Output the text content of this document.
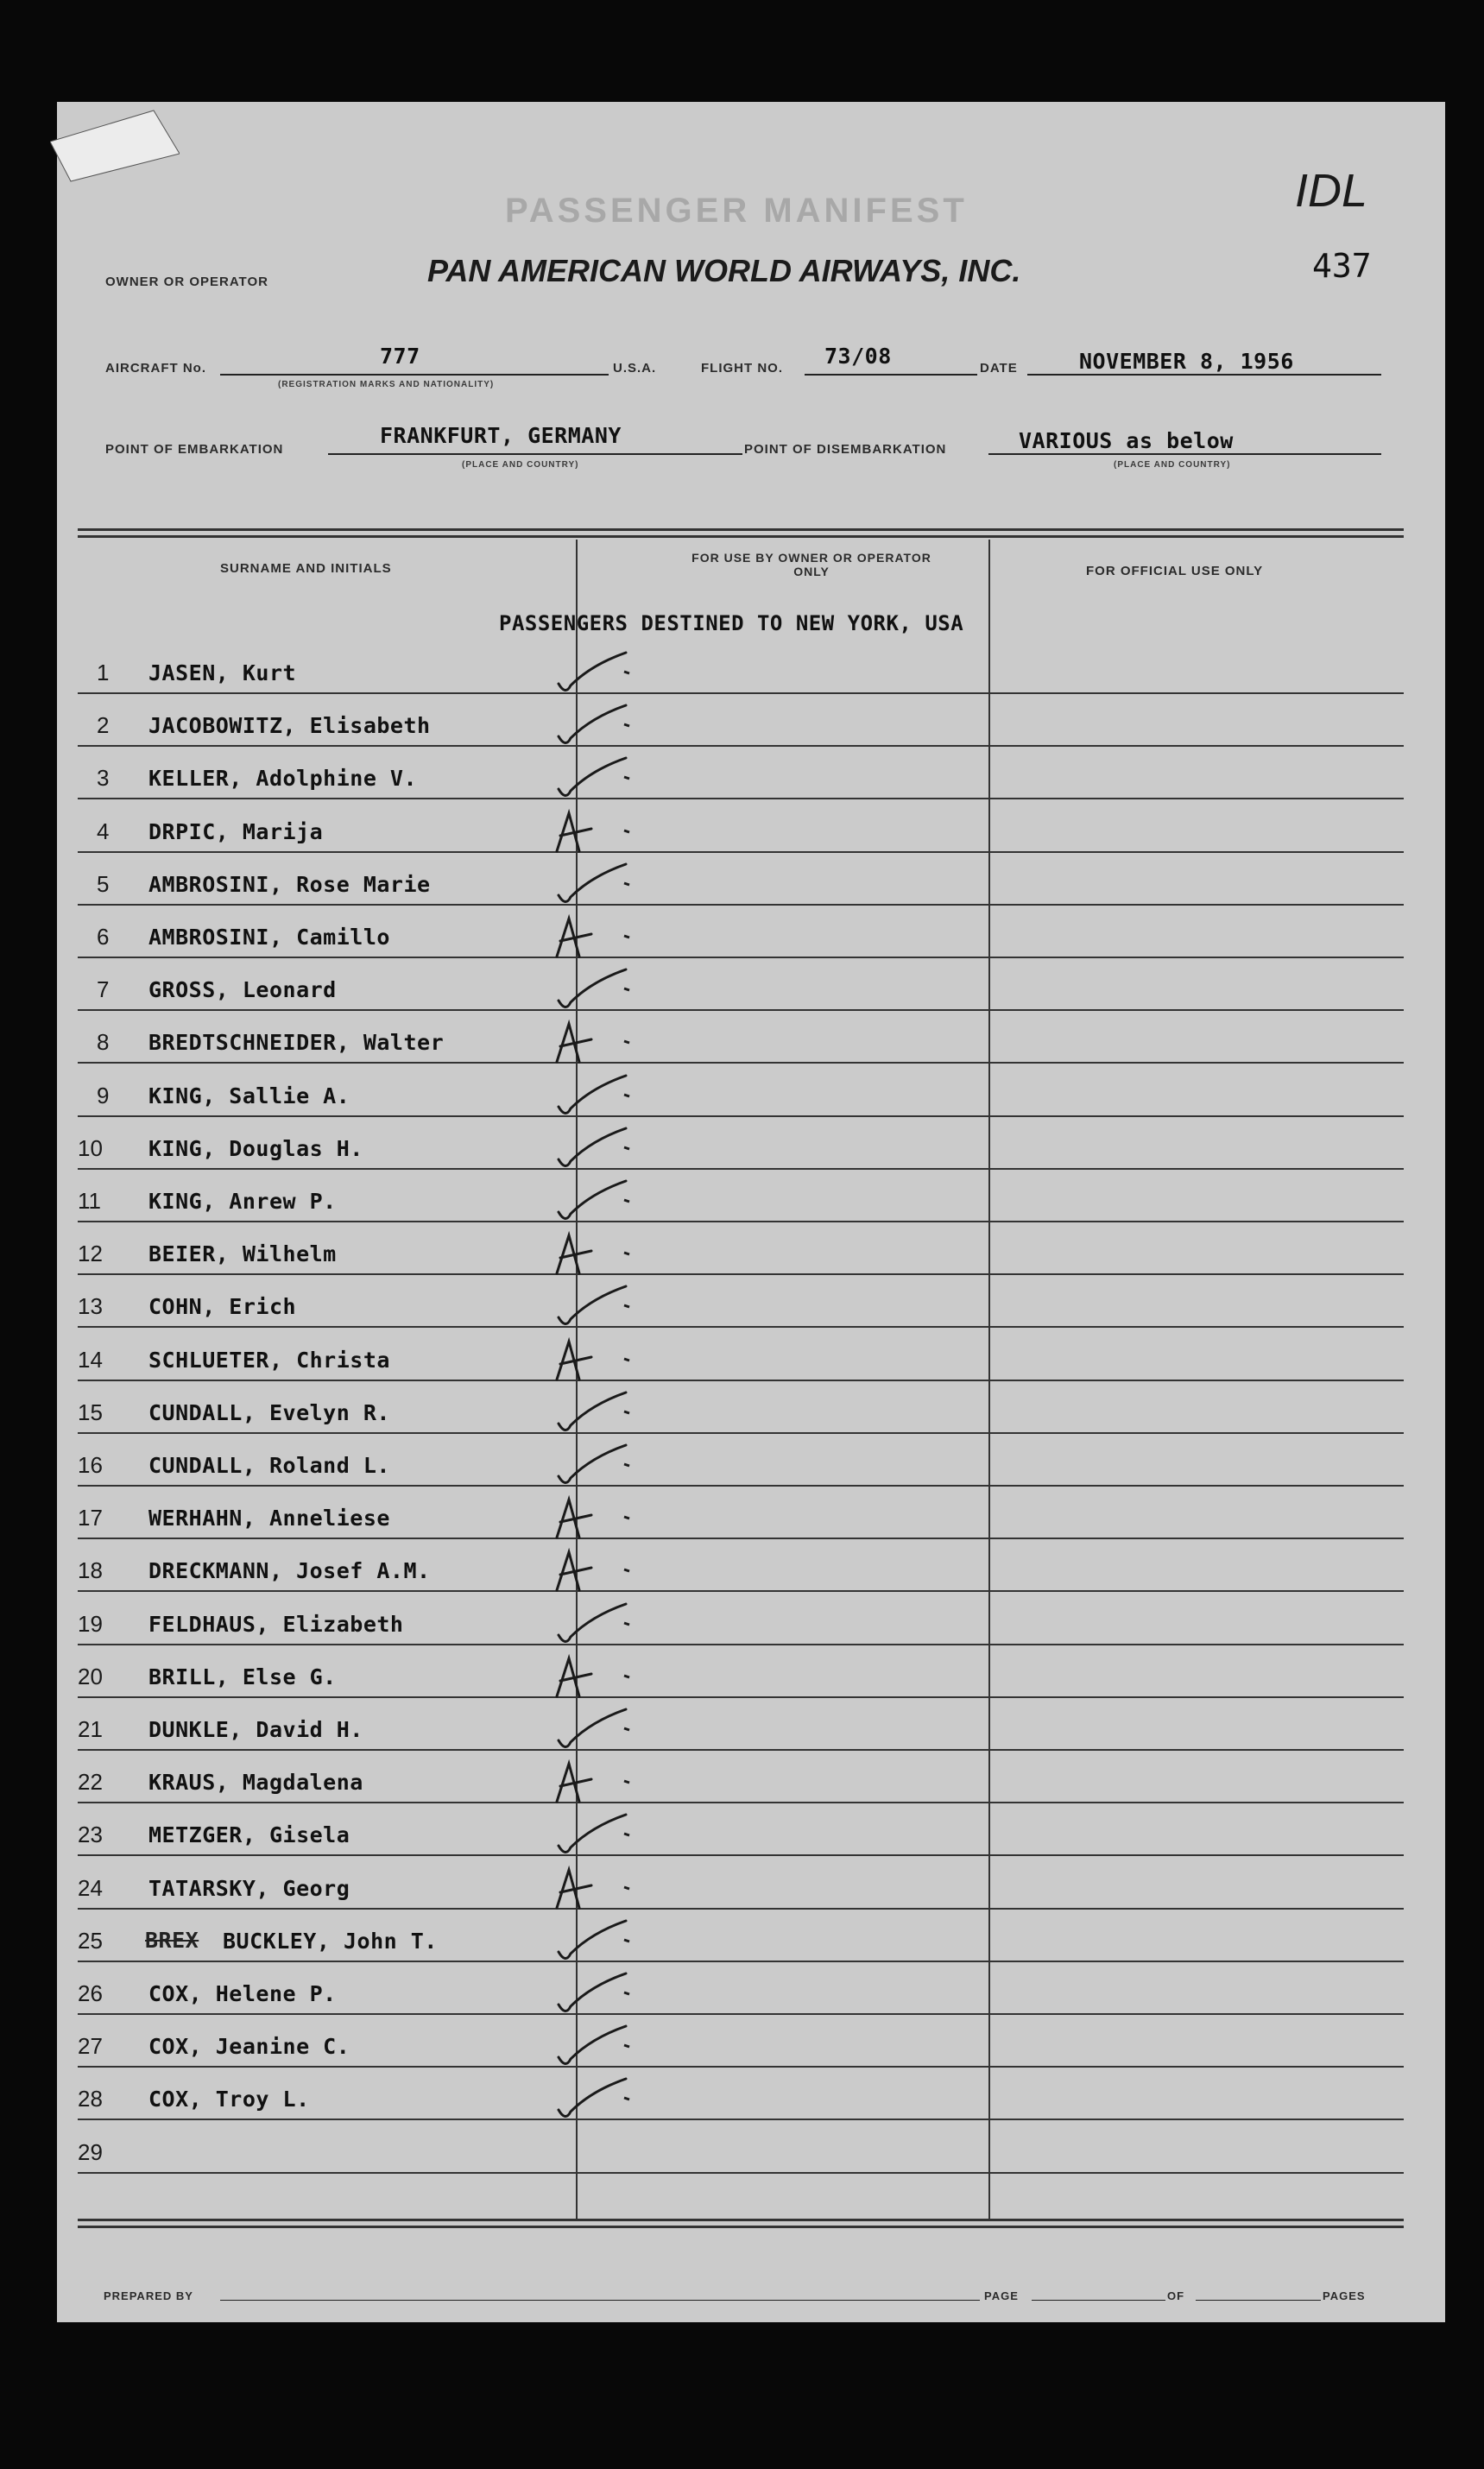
PASSENGER MANIFEST	IDL
437
OWNER OR OPERATOR	PAN AMERICAN WORLD AIRWAYS, INC.
AIRCRAFT No.	777
(REGISTRATION MARKS AND NATIONALITY)
U.S.A.	FLIGHT NO. 73/08	DATE	NOVEMBER 8, 1956
POINT OF EMBARKATION
FRANKFURT, GERMANY
(PLACE AND COUNTRY)
POINT OF DISEMBARKATION	VARIOUS as below
(PLACE AND COUNTRY)
SURNAME AND INITIALS
FOR USE BY OWNER OR OPERATOR ONLY	FOR OFFICIAL USE ONLY
PASSENGERS DESTINED TO NEW YORK, USA
1 JASEN, Kurt
2 JACOBOWITZ, Elisabeth
3 KELLER, Adolphine V.
4 DRPIC, Marija
5 AMBROSINI, Rose Marie
6 AMBROSINI, Camillo
7 GROSS, Leonard
8 BREDTSCHNEIDER, Walter
9 KING, Sallie A.
10 KING, Douglas H.
11 KING, Anrew P.
12 BEIER, Wilhelm
13 COHN, Erich
14 SCHLUETER, Christa
15 CUNDALL, Evelyn R.
16 CUNDALL, Roland L.
17 WERHAHN, Anneliese
18 DRECKMANN, Josef A.M.
19 FELDHAUS, Elizabeth
20 BRILL, Else G.
21 DUNKLE, David H.
22 KRAUS, Magdalena
23 METZGER, Gisela
24 TATARSKY, Georg
25	BUCKLEY, John T.
26 COX, Helene P.
27 COX, Jeanine C.
28 COX, Troy L.
29
BREX
PREPARED BY	PAGE	OF	PAGES
